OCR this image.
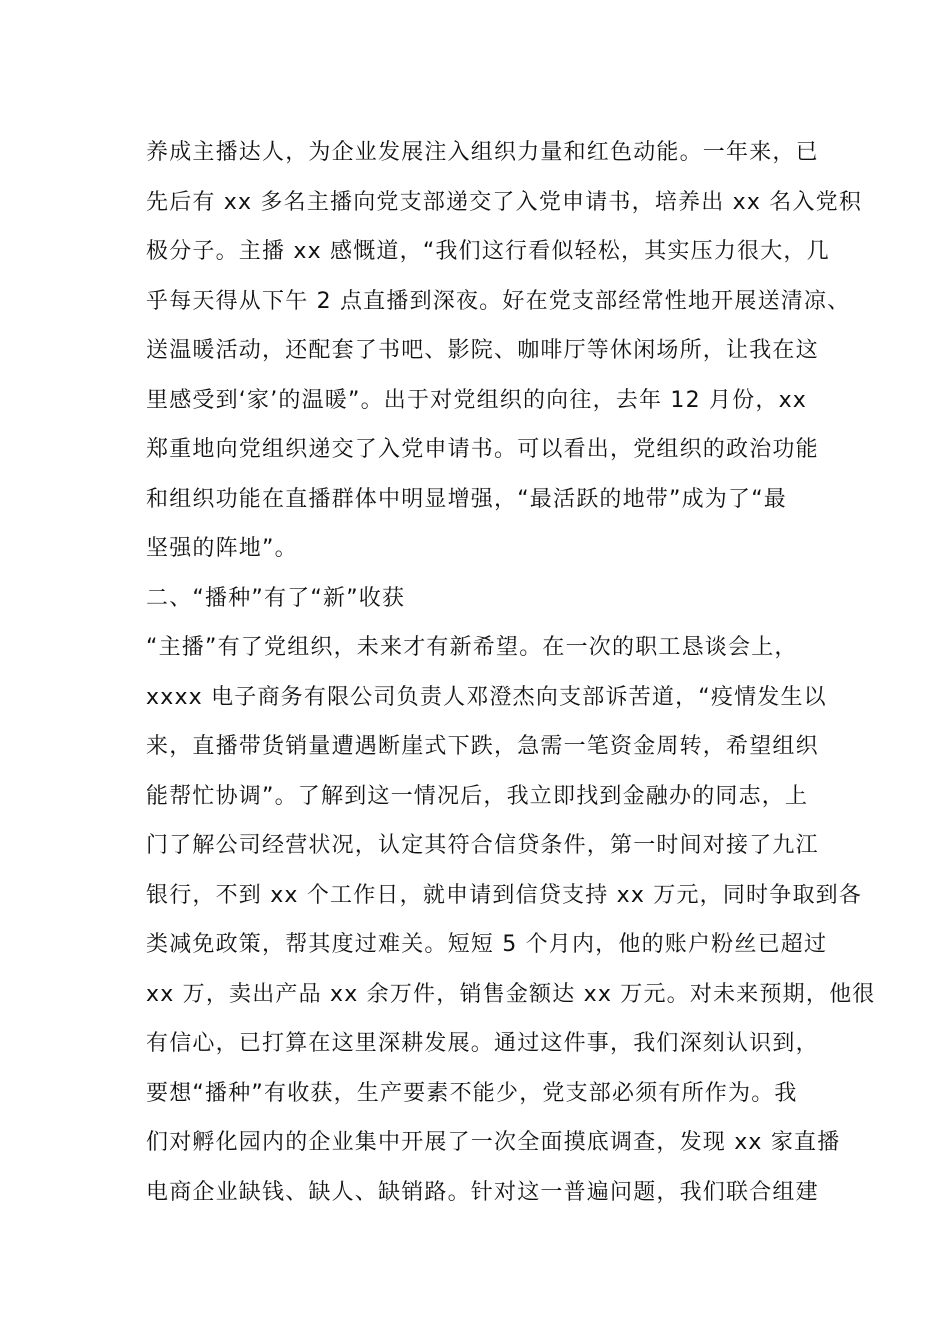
养成主播达人，为企业发展注入组织力量和红色动能。一年来，已
先后有 xx 多名主播向党支部递交了入党申请书，培养出 xx 名入党积
极分子。主播 xx 感慨道，“我们这行看似轻松，其实压力很大，几
乎每天得从下午 2 点直播到深夜。好在党支部经常性地开展送清凉、
送温暖活动，还配套了书吧、影院、咖啡厅等休闲场所，让我在这
里感受到‘家’的温暖”。出于对党组织的向往，去年 12 月份，xx
郑重地向党组织递交了入党申请书。可以看出，党组织的政治功能
和组织功能在直播群体中明显增强，“最活跃的地带”成为了“最
坚强的阵地”。
二、“播种”有了“新”收获
“主播”有了党组织，未来才有新希望。在一次的职工恳谈会上，
xxxx 电子商务有限公司负责人邓澄杰向支部诉苦道，“疫情发生以
来，直播带货销量遭遇断崖式下跌，急需一笔资金周转，希望组织
能帮忙协调”。了解到这一情况后，我立即找到金融办的同志，上
门了解公司经营状况，认定其符合信贷条件，第一时间对接了九江
银行，不到 xx 个工作日，就申请到信贷支持 xx 万元，同时争取到各
类减免政策，帮其度过难关。短短 5 个月内，他的账户粉丝已超过
xx 万，卖出产品 xx 余万件，销售金额达 xx 万元。对未来预期，他很
有信心，已打算在这里深耕发展。通过这件事，我们深刻认识到，
要想“播种”有收获，生产要素不能少，党支部必须有所作为。我
们对孵化园内的企业集中开展了一次全面摸底调查，发现 xx 家直播
电商企业缺钱、缺人、缺销路。针对这一普遍问题，我们联合组建
